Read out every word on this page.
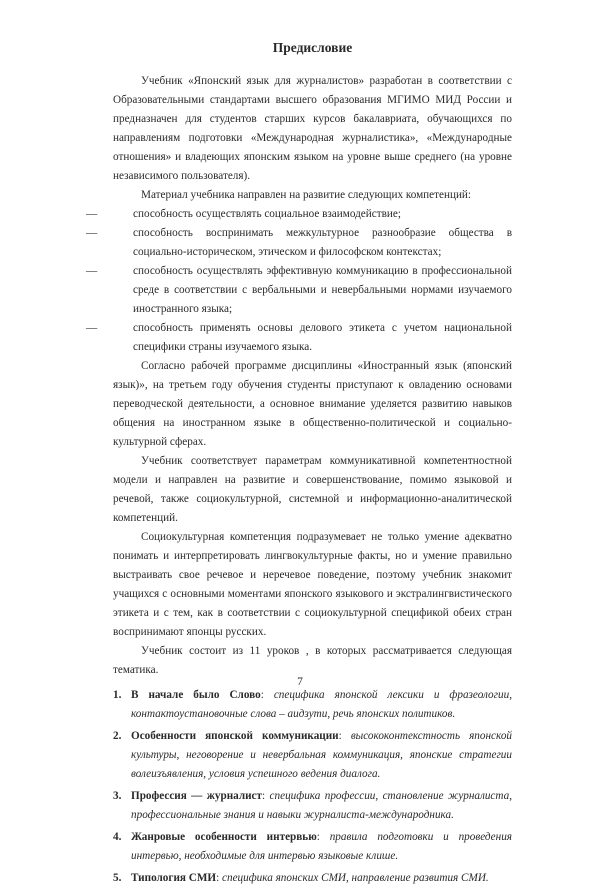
Предисловие

Учебник «Японский язык для журналистов» разработан в соответствии с Образовательными стандартами высшего образования МГИМО МИД России и предназначен для студентов старших курсов бакалавриата, обучающихся по направлениям подготовки «Международная журналистика», «Международные отношения» и владеющих японским языком на уровне выше среднего (на уровне независимого пользователя).

Материал учебника направлен на развитие следующих компетенций:

—	способность осуществлять социальное взаимодействие;
—	способность воспринимать межкультурное разнообразие общества в социально-историческом, этическом и философском контекстах;
—	способность осуществлять эффективную коммуникацию в профессиональной среде в соответствии с вербальными и невербальными нормами изучаемого иностранного языка;
—	способность применять основы делового этикета с учетом национальной специфики страны изучаемого языка.

Согласно рабочей программе дисциплины «Иностранный язык (японский язык)», на третьем году обучения студенты приступают к овладению основами переводческой деятельности, а основное внимание уделяется развитию навыков общения на иностранном языке в общественно-политической и социально-культурной сферах.

Учебник соответствует параметрам коммуникативной компетентностной модели и направлен на развитие и совершенствование, помимо языковой и речевой, также социокультурной, системной и информационно-аналитической компетенций.

Социокультурная компетенция подразумевает не только умение адекватно понимать и интерпретировать лингвокультурные факты, но и умение правильно выстраивать свое речевое и неречевое поведение, поэтому учебник знакомит учащихся с основными моментами японского языкового и экстралингвистического этикета и с тем, как в соответствии с социокультурной спецификой обеих стран воспринимают японцы русских.

Учебник состоит из 11 уроков , в которых рассматривается следующая тематика.

1. В начале было Слово: специфика японской лексики и фразеологии, контактоустановочные слова – аидзути, речь японских политиков.
2. Особенности японской коммуникации: высококонтекстность японской культуры, неговорение и невербальная коммуникация, японские стратегии волеизъявления, условия успешного ведения диалога.
3. Профессия — журналист: специфика профессии, становление журналиста, профессиональные знания и навыки журналиста-международника.
4. Жанровые особенности интервью: правила подготовки и проведения интервью, необходимые для интервью языковые клише.
5. Типология СМИ: специфика японских СМИ, направление развития СМИ.
7
